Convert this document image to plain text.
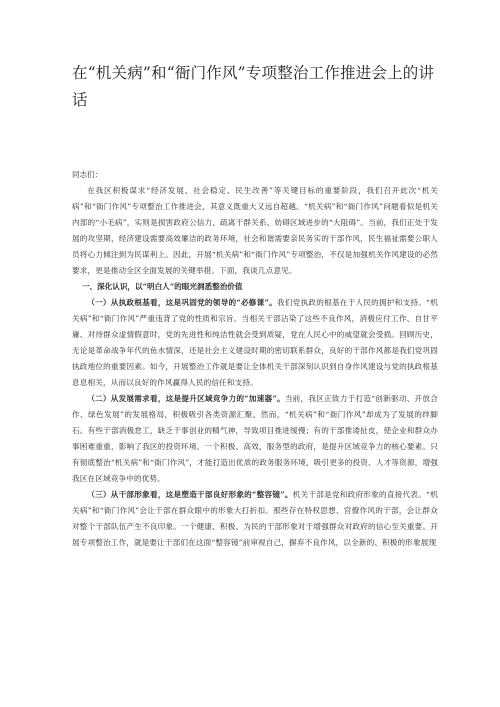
在“机关病”和“衙门作风”专项整治工作推进会上的讲话

同志们：

在我区积极谋求“经济发展、社会稳定、民生改善”等关键目标的重要阶段，我们召开此次“机关病”和“衙门作风”专项整治工作推进会，其意义既重大又远自超越。“机关病”和“衙门作风”问题看似是机关内部的“小毛病”，实则是损害政府公信力、疏离干群关系、妨碍区域进步的“大阻碍”。当前，我们正处于发展的攻坚期，经济建设需要高效廉洁的政务环境，社会和谐需要亲民务实的干部作风，民生福祉需要公职人员将心力倾注到为民谋利上。因此，开展“机关病”和“衙门作风”专项整治，不仅是加强机关作风建设的必然要求，更是推动全区全面发展的关键举措。下面，我谈几点意见。

一、深化认识，以“明白人”的眼光洞悉整治价值

（一）从执政根基看，这是巩固党的领导的“必修课”。我们党执政的根基在于人民的拥护和支持。“机关病”和“衙门作风”严重违背了党的性质和宗旨。当相关干部沾染了这些不良作风，消极应付工作、自甘平庸、对待群众虚情假意时，党的先进性和纯洁性就会受到质疑，党在人民心中的威望就会受损。回顾历史，无论是革命战争年代的鱼水情深，还是社会主义建设时期的密切联系群众，良好的干部作风都是我们党巩固执政地位的重要因素。如今，开展整治工作就是要让全体机关干部深刻认识到自身作风建设与党的执政根基息息相关，从而以良好的作风赢得人民的信任和支持。

（二）从发展需求看，这是提升区域竞争力的“加速器”。当前，我区正致力于打造“创新驱动、开放合作、绿色发展”的发展格局，积极吸引各类资源汇聚。然而，“机关病”和“衙门作风”却成为了发展的绊脚石。有些干部消极怠工，缺乏干事创业的精气神，导致项目推进缓慢；有的干部推诿扯皮，使企业和群众办事困难重重，影响了我区的投资环境。一个积极、高效、服务型的政府，是提升区域竞争力的核心要素。只有彻底整治“机关病”和“衙门作风”，才能打造出优质的政务服务环境，吸引更多的投资、人才等资源，增强我区在区域竞争中的优势。

（三）从干部形象看，这是塑造干部良好形象的“整容镜”。机关干部是党和政府形象的直接代表。“机关病”和“衙门作风”会让干部在群众眼中的形象大打折扣。那些存在特权思想、官僚作风的干部，会让群众对整个干部队伍产生不良印象。一个健康、积极、为民的干部形象对于增强群众对政府的信心至关重要。开展专项整治工作，就是要让干部们在这面“整容镜”前审视自己，摒弃不良作风，以全新的、积极的形象展现
